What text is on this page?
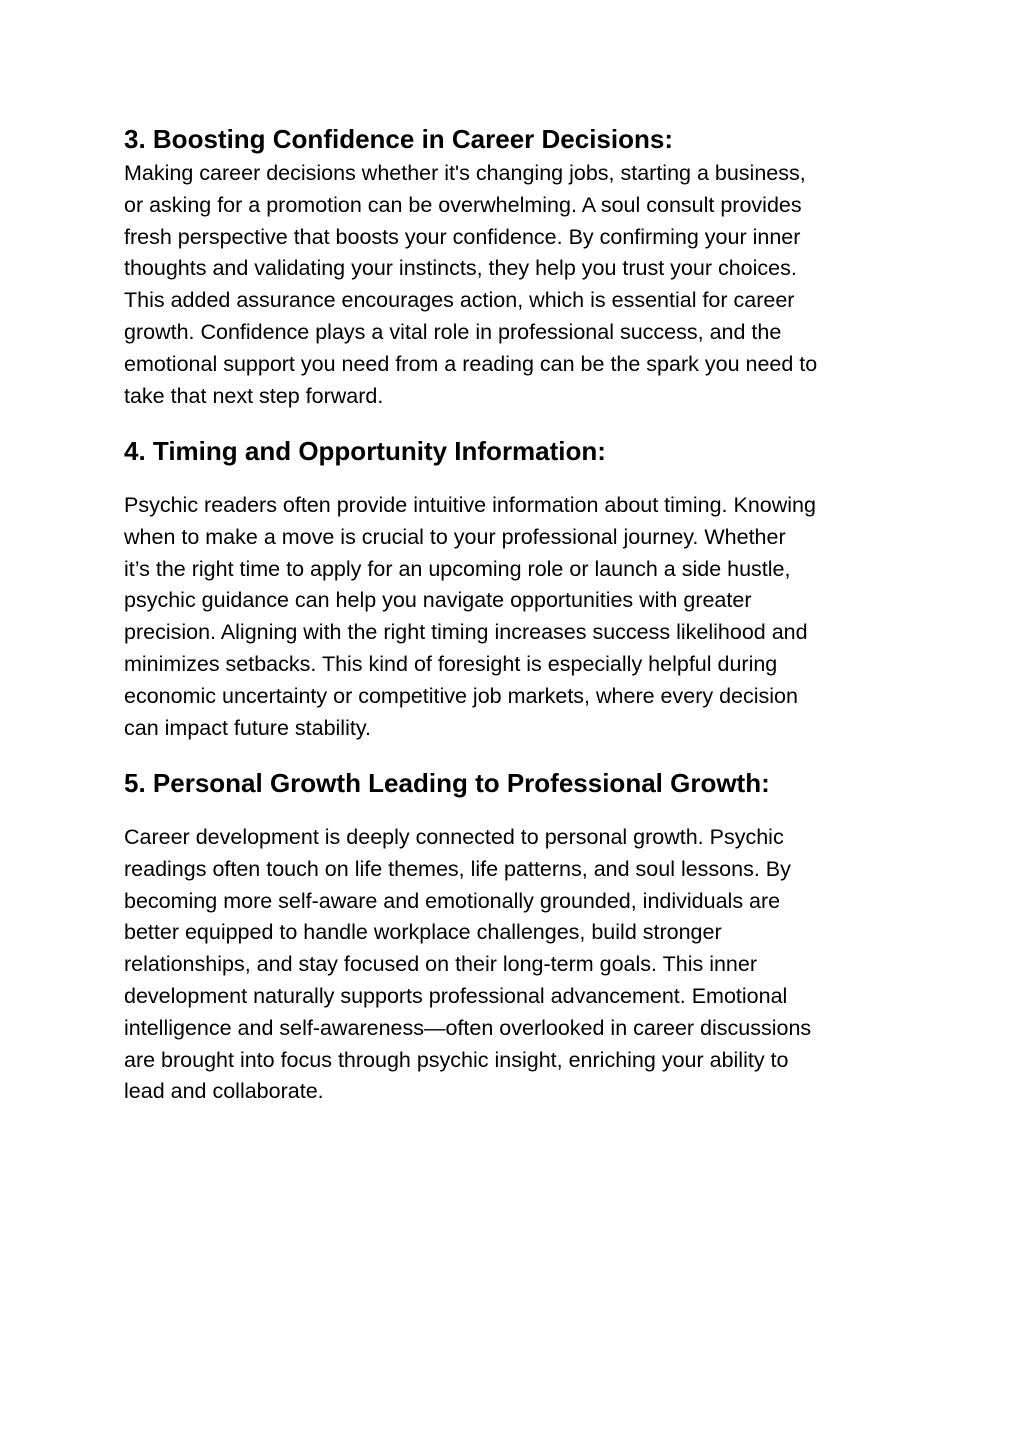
3. Boosting Confidence in Career Decisions:
Making career decisions whether it's changing jobs, starting a business,
or asking for a promotion can be overwhelming. A soul consult provides
fresh perspective that boosts your confidence. By confirming your inner
thoughts and validating your instincts, they help you trust your choices.
This added assurance encourages action, which is essential for career
growth. Confidence plays a vital role in professional success, and the
emotional support you need from a reading can be the spark you need to
take that next step forward.
4. Timing and Opportunity Information:
Psychic readers often provide intuitive information about timing. Knowing
when to make a move is crucial to your professional journey. Whether
it’s the right time to apply for an upcoming role or launch a side hustle,
psychic guidance can help you navigate opportunities with greater
precision. Aligning with the right timing increases success likelihood and
minimizes setbacks. This kind of foresight is especially helpful during
economic uncertainty or competitive job markets, where every decision
can impact future stability.
5. Personal Growth Leading to Professional Growth:
Career development is deeply connected to personal growth. Psychic
readings often touch on life themes, life patterns, and soul lessons. By
becoming more self-aware and emotionally grounded, individuals are
better equipped to handle workplace challenges, build stronger
relationships, and stay focused on their long-term goals. This inner
development naturally supports professional advancement. Emotional
intelligence and self-awareness—often overlooked in career discussions
are brought into focus through psychic insight, enriching your ability to
lead and collaborate.
